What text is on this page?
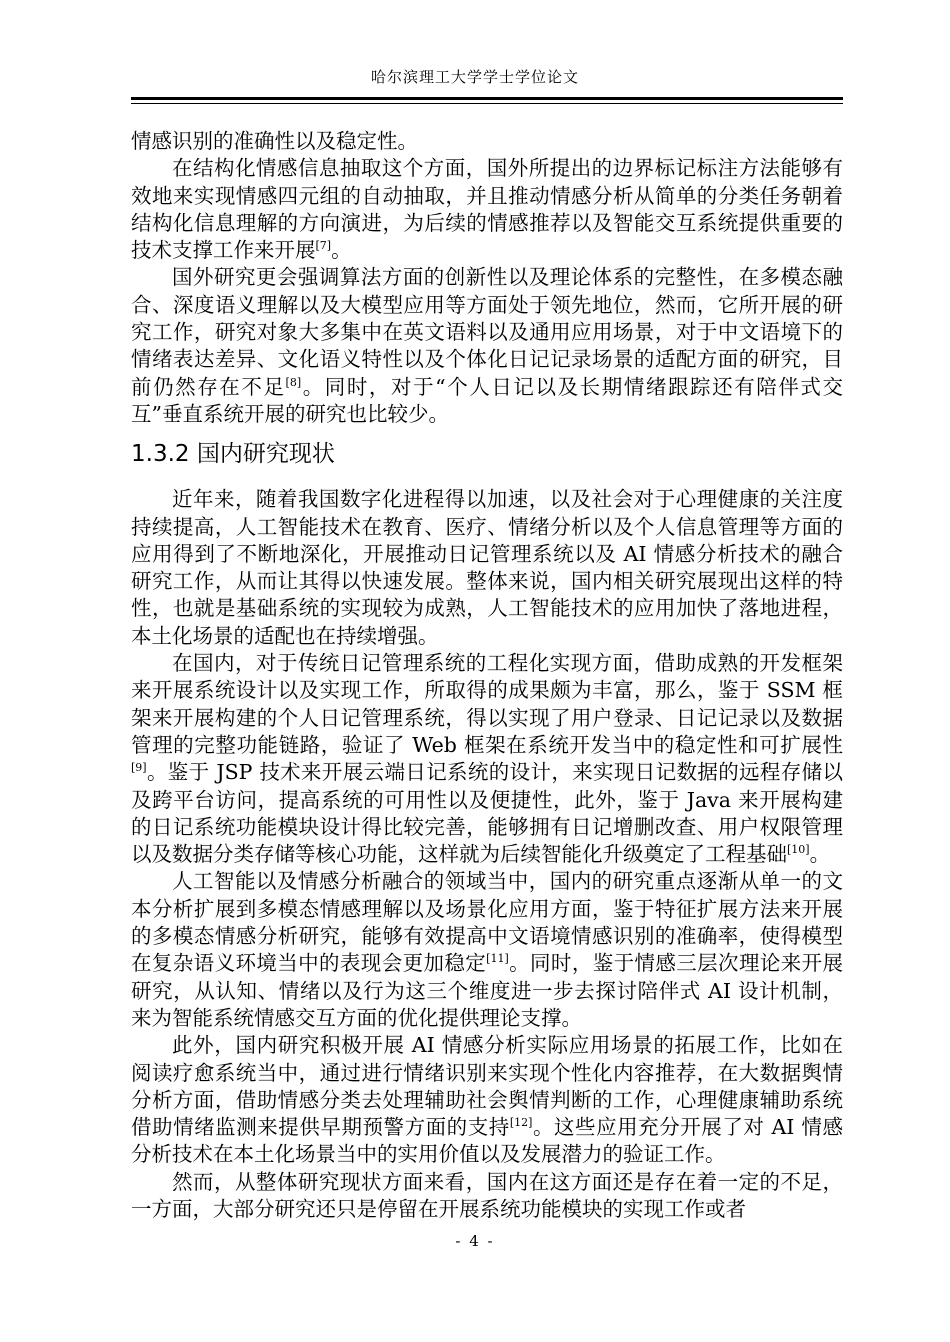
哈尔滨理工大学学士学位论文

情感识别的准确性以及稳定性。

在结构化情感信息抽取这个方面，国外所提出的边界标记标注方法能够有效地来实现情感四元组的自动抽取，并且推动情感分析从简单的分类任务朝着结构化信息理解的方向演进，为后续的情感推荐以及智能交互系统提供重要的技术支撑工作来开展[7]。

国外研究更会强调算法方面的创新性以及理论体系的完整性，在多模态融合、深度语义理解以及大模型应用等方面处于领先地位，然而，它所开展的研究工作，研究对象大多集中在英文语料以及通用应用场景，对于中文语境下的情绪表达差异、文化语义特性以及个体化日记记录场景的适配方面的研究，目前仍然存在不足[8]。同时，对于“个人日记以及长期情绪跟踪还有陪伴式交互”垂直系统开展的研究也比较少。

1.3.2 国内研究现状

近年来，随着我国数字化进程得以加速，以及社会对于心理健康的关注度持续提高，人工智能技术在教育、医疗、情绪分析以及个人信息管理等方面的应用得到了不断地深化，开展推动日记管理系统以及 AI 情感分析技术的融合研究工作，从而让其得以快速发展。整体来说，国内相关研究展现出这样的特性，也就是基础系统的实现较为成熟，人工智能技术的应用加快了落地进程，本土化场景的适配也在持续增强。

在国内，对于传统日记管理系统的工程化实现方面，借助成熟的开发框架来开展系统设计以及实现工作，所取得的成果颇为丰富，那么，鉴于 SSM 框架来开展构建的个人日记管理系统，得以实现了用户登录、日记记录以及数据管理的完整功能链路，验证了 Web 框架在系统开发当中的稳定性和可扩展性[9]。鉴于 JSP 技术来开展云端日记系统的设计，来实现日记数据的远程存储以及跨平台访问，提高系统的可用性以及便捷性，此外，鉴于 Java 来开展构建的日记系统功能模块设计得比较完善，能够拥有日记增删改查、用户权限管理以及数据分类存储等核心功能，这样就为后续智能化升级奠定了工程基础[10]。

人工智能以及情感分析融合的领域当中，国内的研究重点逐渐从单一的文本分析扩展到多模态情感理解以及场景化应用方面，鉴于特征扩展方法来开展的多模态情感分析研究，能够有效提高中文语境情感识别的准确率，使得模型在复杂语义环境当中的表现会更加稳定[11]。同时，鉴于情感三层次理论来开展研究，从认知、情绪以及行为这三个维度进一步去探讨陪伴式 AI 设计机制，来为智能系统情感交互方面的优化提供理论支撑。

此外，国内研究积极开展 AI 情感分析实际应用场景的拓展工作，比如在阅读疗愈系统当中，通过进行情绪识别来实现个性化内容推荐，在大数据舆情分析方面，借助情感分类去处理辅助社会舆情判断的工作，心理健康辅助系统借助情绪监测来提供早期预警方面的支持[12]。这些应用充分开展了对 AI 情感分析技术在本土化场景当中的实用价值以及发展潜力的验证工作。

然而，从整体研究现状方面来看，国内在这方面还是存在着一定的不足，一方面，大部分研究还只是停留在开展系统功能模块的实现工作或者

- 4 -
